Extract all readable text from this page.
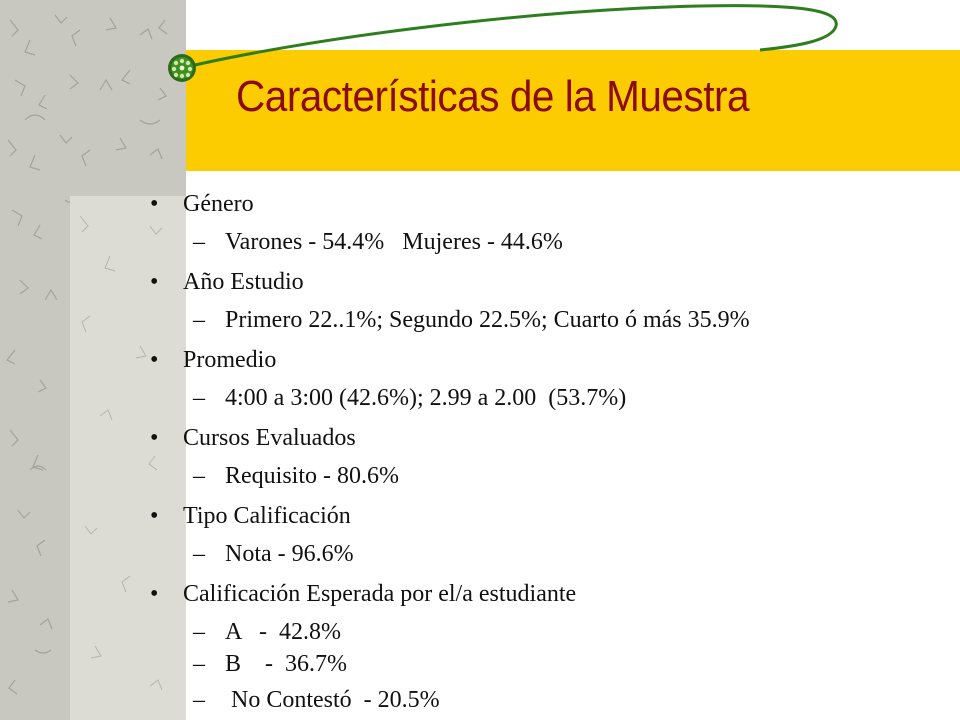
Características de la Muestra
• Género
– Varones - 54.4%   Mujeres - 44.6%
• Año Estudio
– Primero 22..1%; Segundo 22.5%; Cuarto ó más 35.9%
• Promedio
– 4:00 a 3:00 (42.6%); 2.99 a 2.00  (53.7%)
• Cursos Evaluados
– Requisito - 80.6%
• Tipo Calificación
– Nota - 96.6%
• Calificación Esperada por el/a estudiante
– A   -  42.8%
– B    -  36.7%
– No Contestó  - 20.5%
